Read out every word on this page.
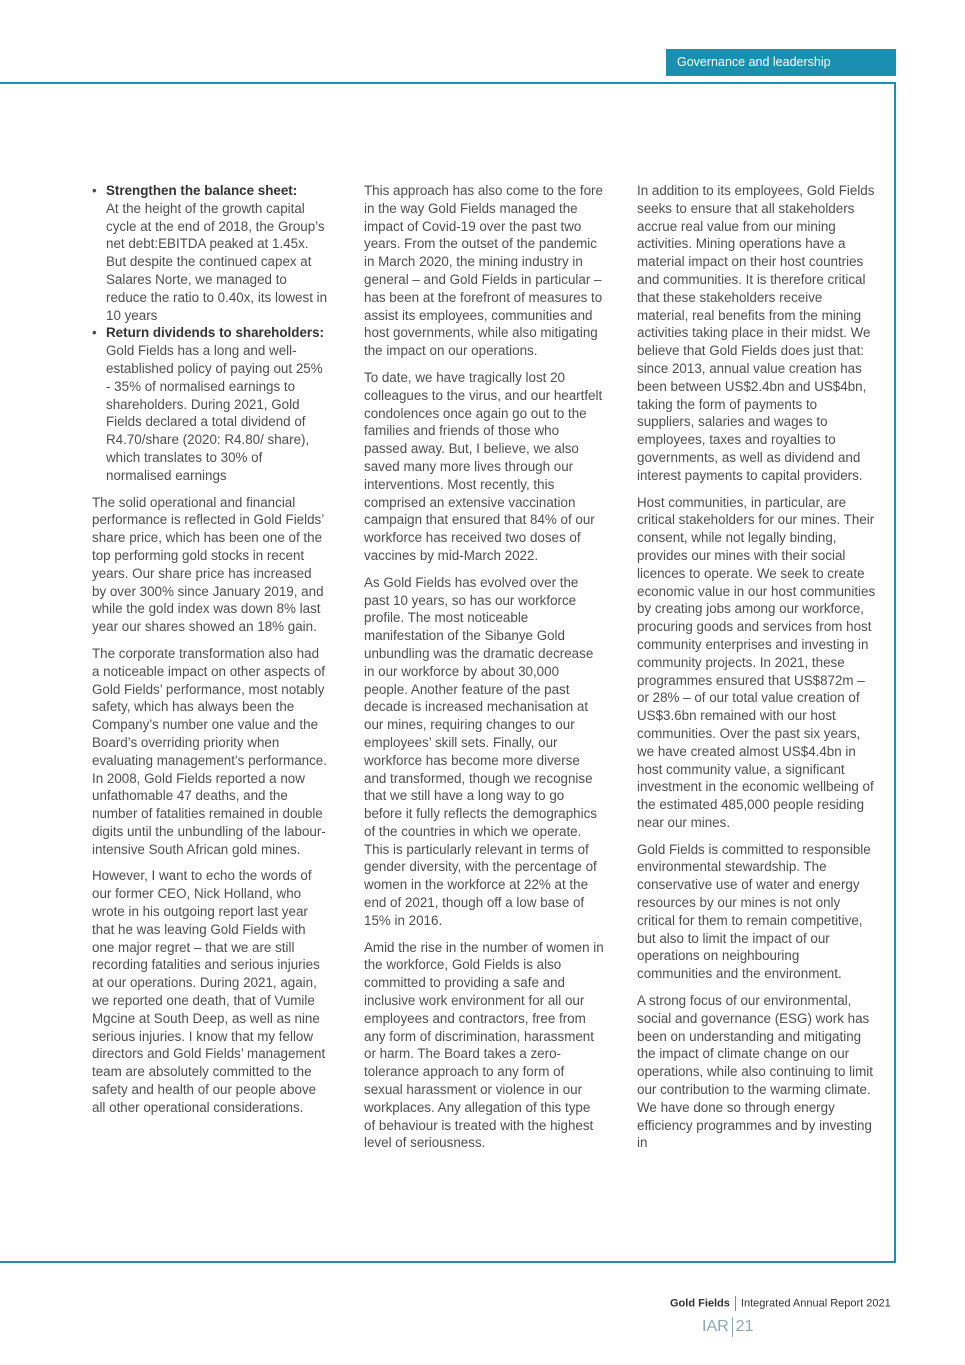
Governance and leadership
• Strengthen the balance sheet:
At the height of the growth capital cycle at the end of 2018, the Group’s net debt:EBITDA peaked at 1.45x. But despite the continued capex at Salares Norte, we managed to reduce the ratio to 0.40x, its lowest in 10 years
• Return dividends to shareholders: Gold Fields has a long and well-established policy of paying out 25% - 35% of normalised earnings to shareholders. During 2021, Gold Fields declared a total dividend of R4.70/share (2020: R4.80/ share), which translates to 30% of normalised earnings

The solid operational and financial performance is reflected in Gold Fields’ share price, which has been one of the top performing gold stocks in recent years. Our share price has increased by over 300% since January 2019, and while the gold index was down 8% last year our shares showed an 18% gain.

The corporate transformation also had a noticeable impact on other aspects of Gold Fields’ performance, most notably safety, which has always been the Company’s number one value and the Board’s overriding priority when evaluating management’s performance. In 2008, Gold Fields reported a now unfathomable 47 deaths, and the number of fatalities remained in double digits until the unbundling of the labour-intensive South African gold mines.

However, I want to echo the words of our former CEO, Nick Holland, who wrote in his outgoing report last year that he was leaving Gold Fields with one major regret – that we are still recording fatalities and serious injuries at our operations. During 2021, again, we reported one death, that of Vumile Mgcine at South Deep, as well as nine serious injuries. I know that my fellow directors and Gold Fields’ management team are absolutely committed to the safety and health of our people above all other operational considerations.

This approach has also come to the fore in the way Gold Fields managed the impact of Covid-19 over the past two years. From the outset of the pandemic in March 2020, the mining industry in general – and Gold Fields in particular – has been at the forefront of measures to assist its employees, communities and host governments, while also mitigating the impact on our operations.

To date, we have tragically lost 20 colleagues to the virus, and our heartfelt condolences once again go out to the families and friends of those who passed away. But, I believe, we also saved many more lives through our interventions. Most recently, this comprised an extensive vaccination campaign that ensured that 84% of our workforce has received two doses of vaccines by mid-March 2022.

As Gold Fields has evolved over the past 10 years, so has our workforce profile. The most noticeable manifestation of the Sibanye Gold unbundling was the dramatic decrease in our workforce by about 30,000 people. Another feature of the past decade is increased mechanisation at our mines, requiring changes to our employees’ skill sets. Finally, our workforce has become more diverse and transformed, though we recognise that we still have a long way to go before it fully reflects the demographics of the countries in which we operate. This is particularly relevant in terms of gender diversity, with the percentage of women in the workforce at 22% at the end of 2021, though off a low base of 15% in 2016.

Amid the rise in the number of women in the workforce, Gold Fields is also committed to providing a safe and inclusive work environment for all our employees and contractors, free from any form of discrimination, harassment or harm. The Board takes a zero-tolerance approach to any form of sexual harassment or violence in our workplaces. Any allegation of this type of behaviour is treated with the highest level of seriousness.

In addition to its employees, Gold Fields seeks to ensure that all stakeholders accrue real value from our mining activities. Mining operations have a material impact on their host countries and communities. It is therefore critical that these stakeholders receive material, real benefits from the mining activities taking place in their midst. We believe that Gold Fields does just that: since 2013, annual value creation has been between US$2.4bn and US$4bn, taking the form of payments to suppliers, salaries and wages to employees, taxes and royalties to governments, as well as dividend and interest payments to capital providers.

Host communities, in particular, are critical stakeholders for our mines. Their consent, while not legally binding, provides our mines with their social licences to operate. We seek to create economic value in our host communities by creating jobs among our workforce, procuring goods and services from host community enterprises and investing in community projects. In 2021, these programmes ensured that US$872m – or 28% – of our total value creation of US$3.6bn remained with our host communities. Over the past six years, we have created almost US$4.4bn in host community value, a significant investment in the economic wellbeing of the estimated 485,000 people residing near our mines.

Gold Fields is committed to responsible environmental stewardship. The conservative use of water and energy resources by our mines is not only critical for them to remain competitive, but also to limit the impact of our operations on neighbouring communities and the environment.

A strong focus of our environmental, social and governance (ESG) work has been on understanding and mitigating the impact of climate change on our operations, while also continuing to limit our contribution to the warming climate. We have done so through energy efficiency programmes and by investing in

Gold Fields Integrated Annual Report 2021
IAR 21
